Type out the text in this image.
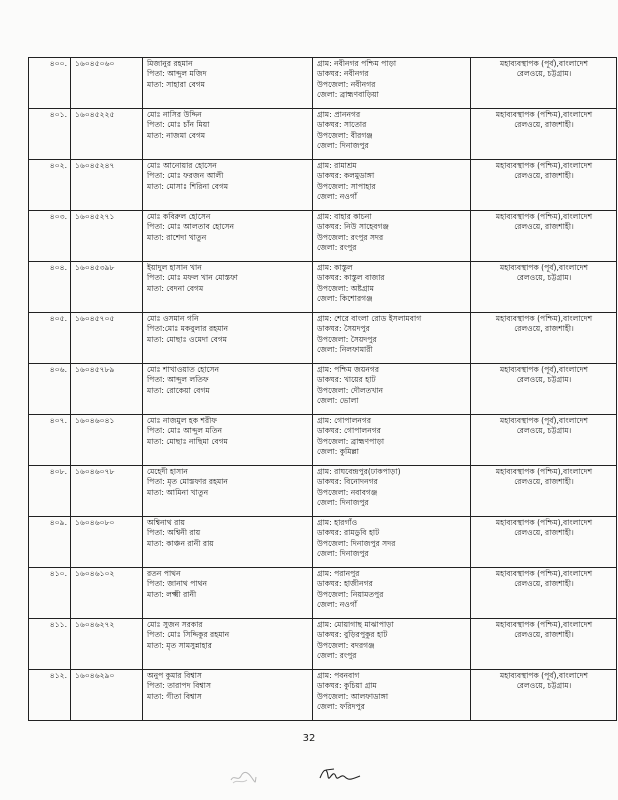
৪০০.	১৬০৪৫০৬০	মিজানুর রহমান
পিতা: আব্দুল মজিদ
মাতা: সাহারা বেগম	গ্রাম: নবীনগর পশ্চিম পাড়া
ডাকঘর: নবীনগর
উপজেলা: নবীনগর
জেলা: ব্রাহ্মণবাড়িয়া	মহাব্যবস্থাপক (পূর্ব),বাংলাদেশ
রেলওয়ে, চট্টগ্রাম।

৪০১.	১৬০৪৫২২৫	মোঃ নাসির উদ্দিন
পিতা: মোঃ চাঁন মিয়া
মাতা: নাজমা বেগম	গ্রাম: প্রাননগর
ডাকঘর: সাতোর
উপজেলা: বীরগঞ্জ
জেলা: দিনাজপুর	মহাব্যবস্থাপক (পশ্চিম),বাংলাদেশ
রেলওয়ে, রাজশাহী।

৪০২.	১৬০৪৫২৪৭	মোঃ আনোয়ার হোসেন
পিতা: মোঃ ফরজন আলী
মাতা: মোসাঃ শিরিনা বেগম	গ্রাম: রামাশ্রম
ডাকঘর: কলমুডাঙ্গা
উপজেলা: সাপাহার
জেলা: নওগাঁ	মহাব্যবস্থাপক (পশ্চিম),বাংলাদেশ
রেলওয়ে, রাজশাহী।

৪০৩.	১৬০৪৫২৭১	মোঃ কবিরুল হোসেন
পিতা: মোঃ আলতাব হোসেন
মাতা: রাশেদা খাতুন	গ্রাম: বাহার কাচনা
ডাকঘর: নিউ সাহেবগঞ্জ
উপজেলা: রংপুর সদর
জেলা: রংপুর	মহাব্যবস্থাপক (পশ্চিম),বাংলাদেশ
রেলওয়ে, রাজশাহী।

৪০৪.	১৬০৪৫৩৯৮	ইয়াদুল হাসান খান
পিতা: মোঃ মফল খান মোস্তফা
মাতা: বেদনা বেগম	গ্রাম: কাস্তুল
ডাকঘর: কাস্তুল বাজার
উপজেলা: অষ্টগ্রাম
জেলা: কিশোরগঞ্জ	মহাব্যবস্থাপক (পূর্ব),বাংলাদেশ
রেলওয়ে, চট্টগ্রাম।

৪০৫.	১৬০৪৫৭০৫	মোঃ ওসমান গনি
পিতা:মোঃ মকবুলার রহমান
মাতা: মোছাঃ ওমেদা বেগম	গ্রাম: শেরে বাংলা রোড ইসলামবাগ
ডাকঘর: সৈয়দপুর
উপজেলা: সৈয়দপুর
জেলা: নিলফামারী	মহাব্যবস্থাপক (পশ্চিম),বাংলাদেশ
রেলওয়ে, রাজশাহী।

৪০৬.	১৬০৪৫৭৮৯	মোঃ শাখাওয়াত হোসেন
পিতা: আব্দুল লতিফ
মাতা: রোকেয়া বেগম	গ্রাম: পশ্চিম জয়নগর
ডাকঘর: খায়ের হাট
উপজেলা: দৌলতখান
জেলা: ভোলা	মহাব্যবস্থাপক (পূর্ব),বাংলাদেশ
রেলওয়ে, চট্টগ্রাম।

৪০৭.	১৬০৪৬০৪১	মোঃ নাজমুল হক শরীফ
পিতা: মোঃ আব্দুল মতিন
মাতা: মোছাঃ নাছিমা বেগম	গ্রাম: গোপালনগর
ডাকঘর: গোপালনগর
উপজেলা: ব্রাহ্মণপাড়া
জেলা: কুমিল্লা	মহাব্যবস্থাপক (পূর্ব),বাংলাদেশ
রেলওয়ে, চট্টগ্রাম।

৪০৮.	১৬০৪৬০৭৮	মেহেদী হাসান
পিতা: মৃত মোস্তফার রহমান
মাতা: আমিনা খাতুন	গ্রাম: রাঘবেন্দ্রপুর(ঢাকপাড়া)
ডাকঘর: বিনোদনগর
উপজেলা: নবাবগঞ্জ
জেলা: দিনাজপুর	মহাব্যবস্থাপক (পশ্চিম),বাংলাদেশ
রেলওয়ে, রাজশাহী।

৪০৯.	১৬০৪৬০৮০	অশ্বিনাথ রায়
পিতা: অশ্বিনী রায়
মাতা: কাঞ্চন রানী রায়	গ্রাম: হারগাঁও
ডাকঘর: রামডুবি হাট
উপজেলা: দিনাজপুর সদর
জেলা: দিনাজপুর	মহাব্যবস্থাপক (পশ্চিম),বাংলাদেশ
রেলওয়ে, রাজশাহী।

৪১০.	১৬০৪৬১০২	রতন পাথন
পিতা: জানাথ পাথন
মাতা: লক্ষ্মী রানী	গ্রাম: পরানপুর
ডাকঘর: হাজীনগর
উপজেলা: নিয়ামতপুর
জেলা: নওগাঁ	মহাব্যবস্থাপক (পশ্চিম),বাংলাদেশ
রেলওয়ে, রাজশাহী।

৪১১.	১৬০৪৬২৭২	মোঃ সুজন সরকার
পিতা: মোঃ সিদ্দিকুর রহমান
মাতা: মৃত সামসুন্নাহার	গ্রাম: মোয়াগাছ মাঝাপাড়া
ডাকঘর: বুড়িরপুকুর হাট
উপজেলা: বদরগঞ্জ
জেলা: রংপুর	মহাব্যবস্থাপক (পশ্চিম),বাংলাদেশ
রেলওয়ে, রাজশাহী।

৪১২.	১৬০৪৬২৯০	অনুপ কুমার বিশ্বাস
পিতা: তারাপদ বিশ্বাস
মাতা: গীতা বিশ্বাস	গ্রাম: পবনবাগ
ডাকঘর: কুচিয়া গ্রাম
উপজেলা: আলফাডাঙ্গা
জেলা: ফরিদপুর	মহাব্যবস্থাপক (পূর্ব),বাংলাদেশ
রেলওয়ে, চট্টগ্রাম।
32
